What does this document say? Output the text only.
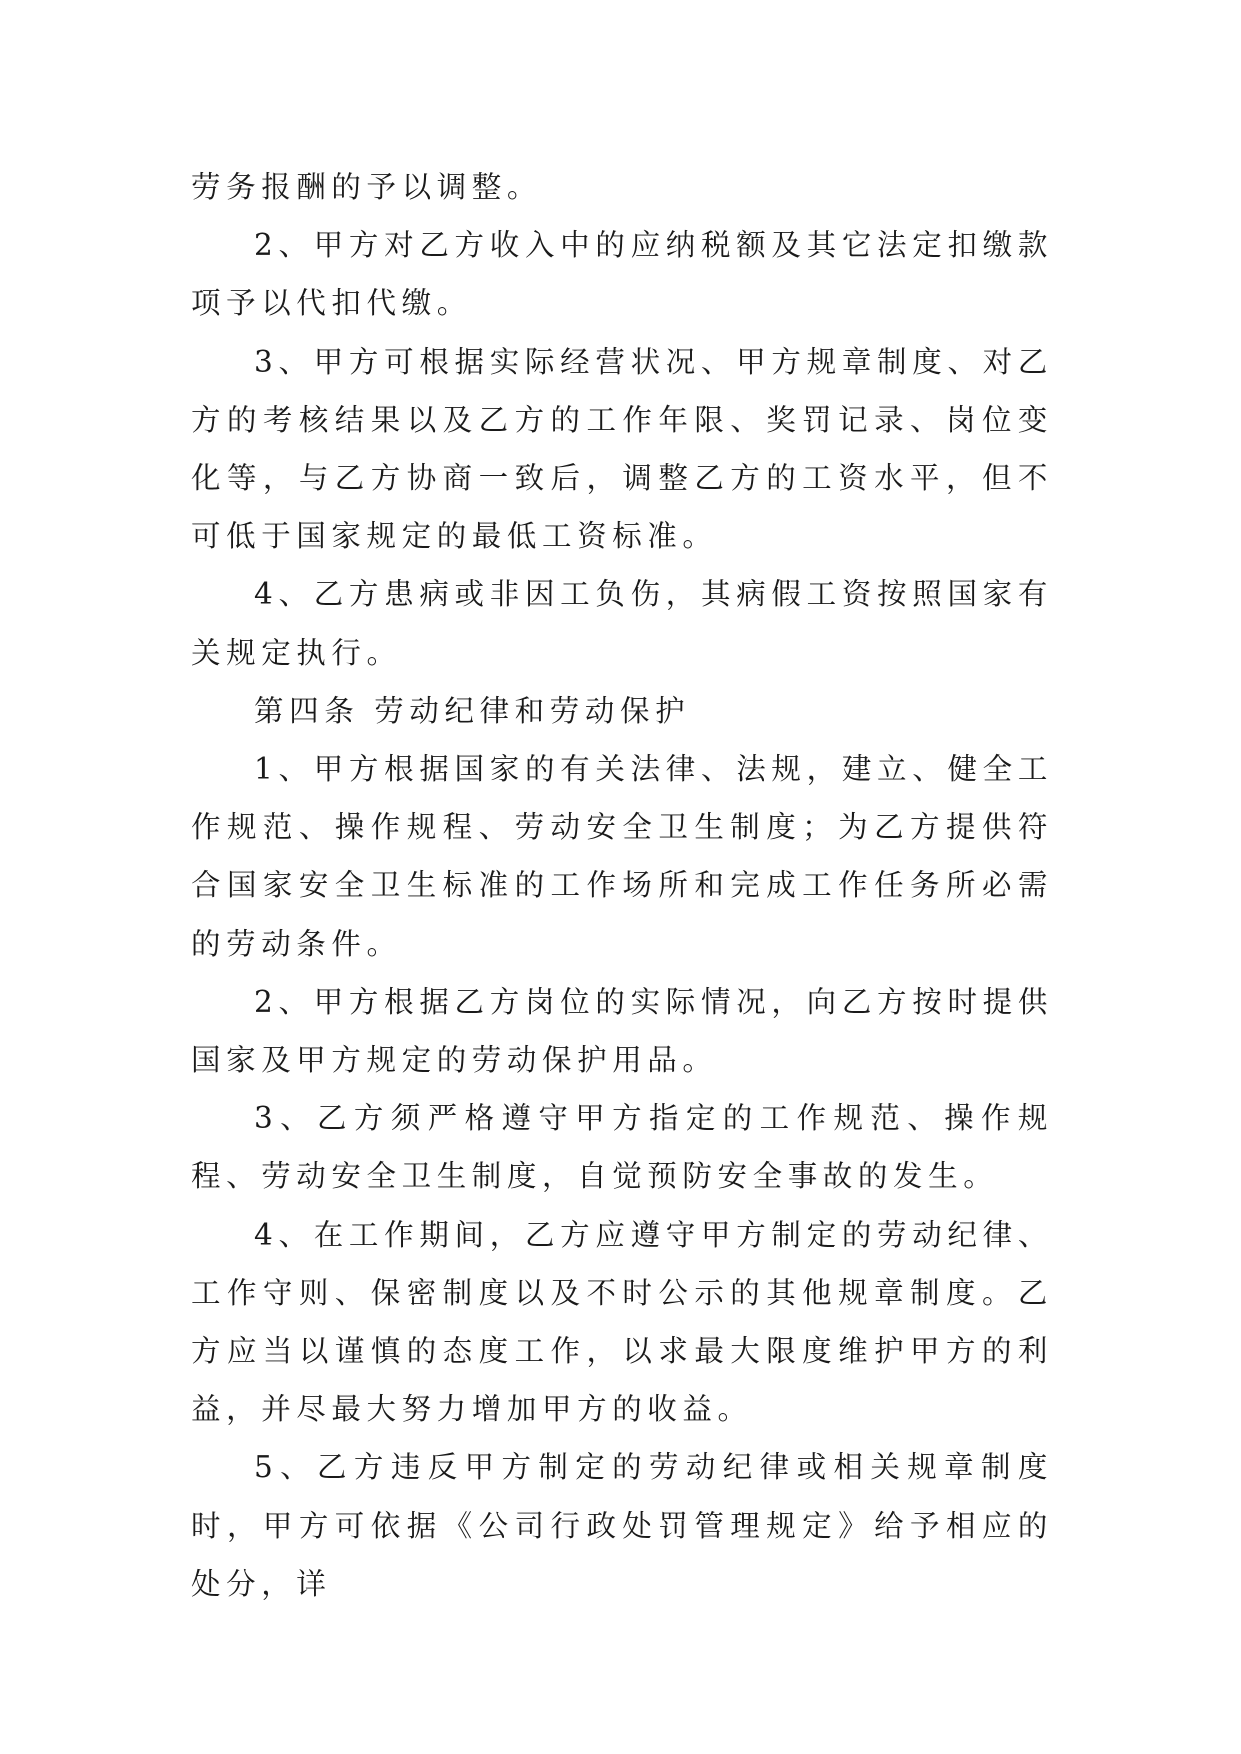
劳务报酬的予以调整。

2、甲方对乙方收入中的应纳税额及其它法定扣缴款项予以代扣代缴。

3、甲方可根据实际经营状况、甲方规章制度、对乙方的考核结果以及乙方的工作年限、奖罚记录、岗位变化等，与乙方协商一致后，调整乙方的工资水平，但不可低于国家规定的最低工资标准。

4、乙方患病或非因工负伤，其病假工资按照国家有关规定执行。

第四条 劳动纪律和劳动保护

1、甲方根据国家的有关法律、法规，建立、健全工作规范、操作规程、劳动安全卫生制度；为乙方提供符合国家安全卫生标准的工作场所和完成工作任务所必需的劳动条件。

2、甲方根据乙方岗位的实际情况，向乙方按时提供国家及甲方规定的劳动保护用品。

3、乙方须严格遵守甲方指定的工作规范、操作规程、劳动安全卫生制度，自觉预防安全事故的发生。

4、在工作期间，乙方应遵守甲方制定的劳动纪律、工作守则、保密制度以及不时公示的其他规章制度。乙方应当以谨慎的态度工作，以求最大限度维护甲方的利益，并尽最大努力增加甲方的收益。

5、乙方违反甲方制定的劳动纪律或相关规章制度时，甲方可依据《公司行政处罚管理规定》给予相应的处分，详
